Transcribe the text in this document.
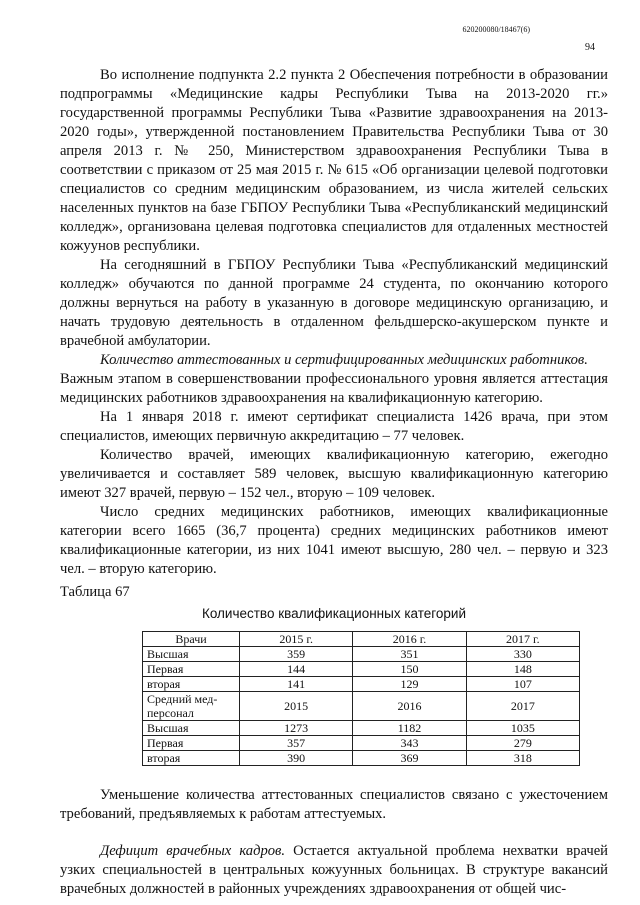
620200080/18467(6)
94

Во исполнение подпункта 2.2 пункта 2 Обеспечения потребности в образовании подпрограммы «Медицинские кадры Республики Тыва на 2013-2020 гг.» государственной программы Республики Тыва «Развитие здравоохранения на 2013-2020 годы», утвержденной постановлением Правительства Республики Тыва от 30 апреля 2013 г. № 250, Министерством здравоохранения Республики Тыва в соответствии с приказом от 25 мая 2015 г. № 615 «Об организации целевой подготовки специалистов со средним медицинским образованием, из числа жителей сельских населенных пунктов на базе ГБПОУ Республики Тыва «Республиканский медицинский колледж», организована целевая подготовка специалистов для отдаленных местностей кожуунов республики.

На сегодняшний в ГБПОУ Республики Тыва «Республиканский медицинский колледж» обучаются по данной программе 24 студента, по окончанию которого должны вернуться на работу в указанную в договоре медицинскую организацию, и начать трудовую деятельность в отдаленном фельдшерско-акушерском пункте и врачебной амбулатории.

Количество аттестованных и сертифицированных медицинских работников.

Важным этапом в совершенствовании профессионального уровня является аттестация медицинских работников здравоохранения на квалификационную категорию.

На 1 января 2018 г. имеют сертификат специалиста 1426 врача, при этом специалистов, имеющих первичную аккредитацию – 77 человек.

Количество врачей, имеющих квалификационную категорию, ежегодно увеличивается и составляет 589 человек, высшую квалификационную категорию имеют 327 врачей, первую – 152 чел., вторую – 109 человек.

Число средних медицинских работников, имеющих квалификационные категории всего 1665 (36,7 процента) средних медицинских работников имеют квалификационные категории, из них 1041 имеют высшую, 280 чел. – первую и 323 чел. – вторую категорию.

Таблица 67

Количество квалификационных категорий

Врачи	2015 г.	2016 г.	2017 г.
Высшая	359	351	330
Первая	144	150	148
вторая	141	129	107
Средний мед-персонал	2015	2016	2017
Высшая	1273	1182	1035
Первая	357	343	279
вторая	390	369	318

Уменьшение количества аттестованных специалистов связано с ужесточением требований, предъявляемых к работам аттестуемых.

Дефицит врачебных кадров. Остается актуальной проблема нехватки врачей узких специальностей в центральных кожуунных больницах. В структуре вакансий врачебных должностей в районных учреждениях здравоохранения от общей чис-
